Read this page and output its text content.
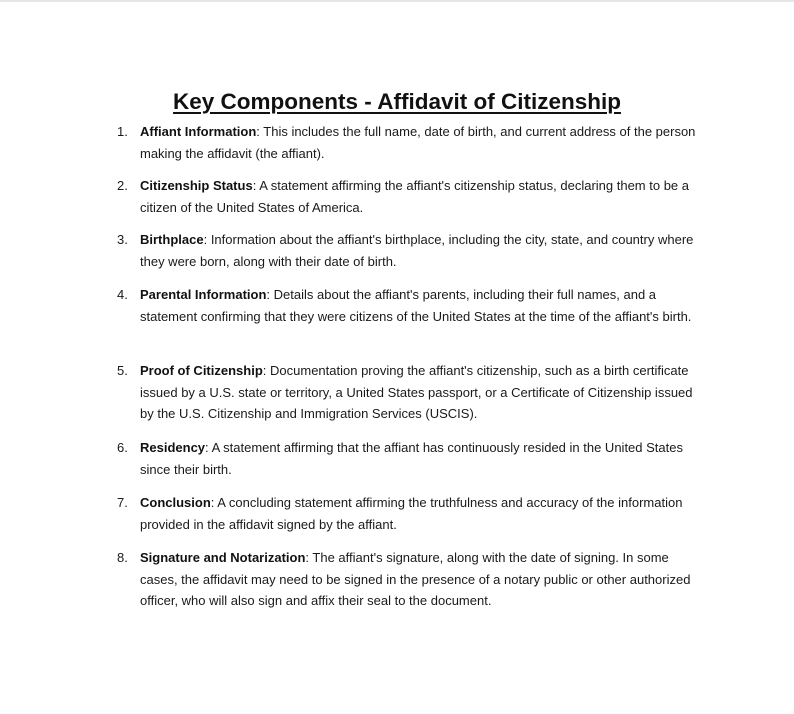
Key Components - Affidavit of Citizenship
1. Affiant Information: This includes the full name, date of birth, and current address of the person making the affidavit (the affiant).
2. Citizenship Status: A statement affirming the affiant's citizenship status, declaring them to be a citizen of the United States of America.
3. Birthplace: Information about the affiant's birthplace, including the city, state, and country where they were born, along with their date of birth.
4. Parental Information: Details about the affiant's parents, including their full names, and a statement confirming that they were citizens of the United States at the time of the affiant's birth.
5. Proof of Citizenship: Documentation proving the affiant's citizenship, such as a birth certificate issued by a U.S. state or territory, a United States passport, or a Certificate of Citizenship issued by the U.S. Citizenship and Immigration Services (USCIS).
6. Residency: A statement affirming that the affiant has continuously resided in the United States since their birth.
7. Conclusion: A concluding statement affirming the truthfulness and accuracy of the information provided in the affidavit signed by the affiant.
8. Signature and Notarization: The affiant's signature, along with the date of signing. In some cases, the affidavit may need to be signed in the presence of a notary public or other authorized officer, who will also sign and affix their seal to the document.
